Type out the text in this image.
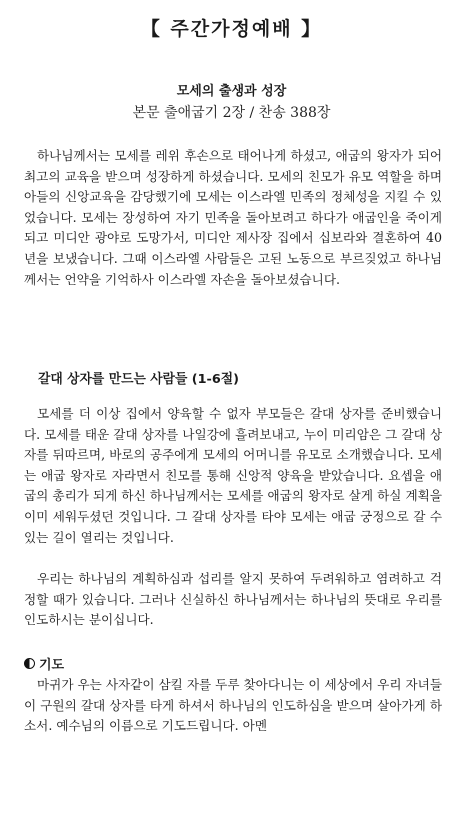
【 주간가정예배 】
모세의 출생과 성장
본문 출애굽기 2장 / 찬송 388장

하나님께서는 모세를 레위 후손으로 태어나게 하셨고, 애굽의 왕자가 되어 최고의 교육을 받으며 성장하게 하셨습니다. 모세의 친모가 유모 역할을 하며 아들의 신앙교육을 감당했기에 모세는 이스라엘 민족의 정체성을 지킬 수 있었습니다. 모세는 장성하여 자기 민족을 돌아보려고 하다가 애굽인을 죽이게 되고 미디안 광야로 도망가서, 미디안 제사장 집에서 십보라와 결혼하여 40년을 보냈습니다. 그때 이스라엘 사람들은 고된 노동으로 부르짖었고 하나님께서는 언약을 기억하사 이스라엘 자손을 돌아보셨습니다.

갈대 상자를 만드는 사람들 (1-6절)

모세를 더 이상 집에서 양육할 수 없자 부모들은 갈대 상자를 준비했습니다. 모세를 태운 갈대 상자를 나일강에 흘려보내고, 누이 미리암은 그 갈대 상자를 뒤따르며, 바로의 공주에게 모세의 어머니를 유모로 소개했습니다. 모세는 애굽 왕자로 자라면서 친모를 통해 신앙적 양육을 받았습니다. 요셉을 애굽의 총리가 되게 하신 하나님께서는 모세를 애굽의 왕자로 살게 하실 계획을 이미 세워두셨던 것입니다. 그 갈대 상자를 타야 모세는 애굽 궁정으로 갈 수 있는 길이 열리는 것입니다.

우리는 하나님의 계획하심과 섭리를 알지 못하여 두려워하고 염려하고 걱정할 때가 있습니다. 그러나 신실하신 하나님께서는 하나님의 뜻대로 우리를 인도하시는 분이십니다.

기도

마귀가 우는 사자같이 삼킬 자를 두루 찾아다니는 이 세상에서 우리 자녀들이 구원의 갈대 상자를 타게 하셔서 하나님의 인도하심을 받으며 살아가게 하소서. 예수님의 이름으로 기도드립니다. 아멘
